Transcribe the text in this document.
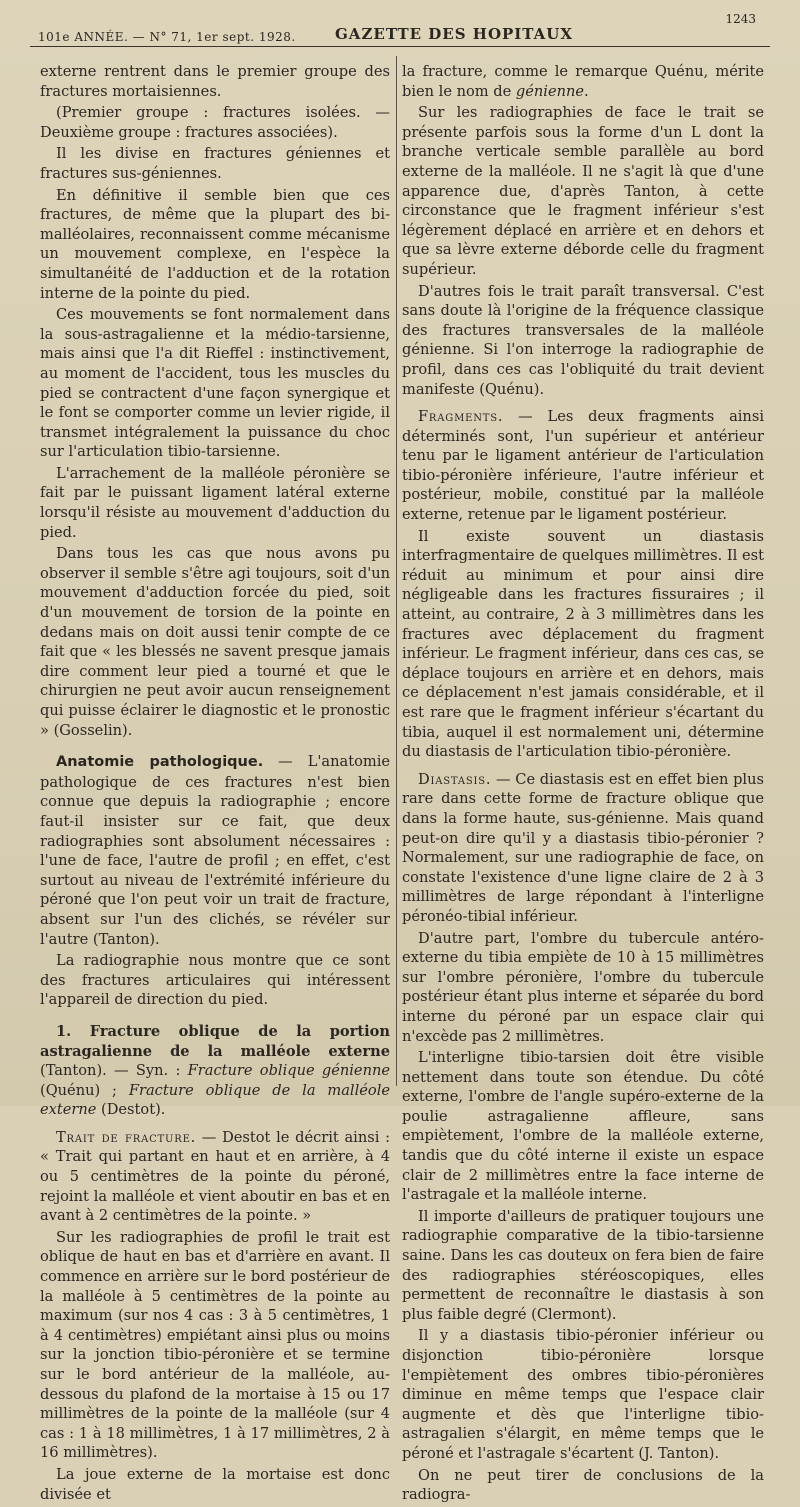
101e ANNÉE. — N° 71, 1er sept. 1928.	GAZETTE DES HOPITAUX
1243

externe rentrent dans le premier groupe des fractures mortaisiennes.

(Premier groupe : fractures isolées. — Deuxième groupe : fractures associées).

Il les divise en fractures géniennes et fractures sus-géniennes.

En définitive il semble bien que ces fractures, de même que la plupart des bi-malléolaires, reconnaissent comme mécanisme un mouvement complexe, en l'espèce la simultanéité de l'adduction et de la rotation interne de la pointe du pied.

Ces mouvements se font normalement dans la sous-astragalienne et la médio-tarsienne, mais ainsi que l'a dit Rieffel : instinctivement, au moment de l'accident, tous les muscles du pied se contractent d'une façon synergique et le font se comporter comme un levier rigide, il transmet intégralement la puissance du choc sur l'articulation tibio-tarsienne.

L'arrachement de la malléole péronière se fait par le puissant ligament latéral externe lorsqu'il résiste au mouvement d'adduction du pied.

Dans tous les cas que nous avons pu observer il semble s'être agi toujours, soit d'un mouvement d'adduction forcée du pied, soit d'un mouvement de torsion de la pointe en dedans mais on doit aussi tenir compte de ce fait que « les blessés ne savent presque jamais dire comment leur pied a tourné et que le chirurgien ne peut avoir aucun renseignement qui puisse éclairer le diagnostic et le pronostic » (Gosselin).

Anatomie pathologique. — L'anatomie pathologique de ces fractures n'est bien connue que depuis la radiographie ; encore faut-il insister sur ce fait, que deux radiographies sont absolument nécessaires : l'une de face, l'autre de profil ; en effet, c'est surtout au niveau de l'extrémité inférieure du péroné que l'on peut voir un trait de fracture, absent sur l'un des clichés, se révéler sur l'autre (Tanton).

La radiographie nous montre que ce sont des fractures articulaires qui intéressent l'appareil de direction du pied.

1. Fracture oblique de la portion astragalienne de la malléole externe (Tanton). — Syn. : Fracture oblique génienne (Quénu) ; Fracture oblique de la malléole externe (Destot).

Trait de fracture. — Destot le décrit ainsi : « Trait qui partant en haut et en arrière, à 4 ou 5 centimètres de la pointe du péroné, rejoint la malléole et vient aboutir en bas et en avant à 2 centimètres de la pointe. »

Sur les radiographies de profil le trait est oblique de haut en bas et d'arrière en avant. Il commence en arrière sur le bord postérieur de la malléole à 5 centimètres de la pointe au maximum (sur nos 4 cas : 3 à 5 centimètres, 1 à 4 centimètres) empiétant ainsi plus ou moins sur la jonction tibio-péronière et se termine sur le bord antérieur de la malléole, au-dessous du plafond de la mortaise à 15 ou 17 millimètres de la pointe de la malléole (sur 4 cas : 1 à 18 millimètres, 1 à 17 millimètres, 2 à 16 millimètres).

La joue externe de la mortaise est donc divisée et

la fracture, comme le remarque Quénu, mérite bien le nom de génienne.

Sur les radiographies de face le trait se présente parfois sous la forme d'un L dont la branche verticale semble parallèle au bord externe de la malléole. Il ne s'agit là que d'une apparence due, d'après Tanton, à cette circonstance que le fragment inférieur s'est légèrement déplacé en arrière et en dehors et que sa lèvre externe déborde celle du fragment supérieur.

D'autres fois le trait paraît transversal. C'est sans doute là l'origine de la fréquence classique des fractures transversales de la malléole génienne. Si l'on interroge la radiographie de profil, dans ces cas l'obliquité du trait devient manifeste (Quénu).

Fragments. — Les deux fragments ainsi déterminés sont, l'un supérieur et antérieur tenu par le ligament antérieur de l'articulation tibio-péronière inférieure, l'autre inférieur et postérieur, mobile, constitué par la malléole externe, retenue par le ligament postérieur.

Il existe souvent un diastasis interfragmentaire de quelques millimètres. Il est réduit au minimum et pour ainsi dire négligeable dans les fractures fissuraires ; il atteint, au contraire, 2 à 3 millimètres dans les fractures avec déplacement du fragment inférieur. Le fragment inférieur, dans ces cas, se déplace toujours en arrière et en dehors, mais ce déplacement n'est jamais considérable, et il est rare que le fragment inférieur s'écartant du tibia, auquel il est normalement uni, détermine du diastasis de l'articulation tibio-péronière.

Diastasis. — Ce diastasis est en effet bien plus rare dans cette forme de fracture oblique que dans la forme haute, sus-génienne. Mais quand peut-on dire qu'il y a diastasis tibio-péronier ? Normalement, sur une radiographie de face, on constate l'existence d'une ligne claire de 2 à 3 millimètres de large répondant à l'interligne péronéo-tibial inférieur.

D'autre part, l'ombre du tubercule antéro-externe du tibia empiète de 10 à 15 millimètres sur l'ombre péronière, l'ombre du tubercule postérieur étant plus interne et séparée du bord interne du péroné par un espace clair qui n'excède pas 2 millimètres.

L'interligne tibio-tarsien doit être visible nettement dans toute son étendue. Du côté externe, l'ombre de l'angle supéro-externe de la poulie astragalienne affleure, sans empiètement, l'ombre de la malléole externe, tandis que du côté interne il existe un espace clair de 2 millimètres entre la face interne de l'astragale et la malléole interne.

Il importe d'ailleurs de pratiquer toujours une radiographie comparative de la tibio-tarsienne saine. Dans les cas douteux on fera bien de faire des radiographies stéréoscopiques, elles permettent de reconnaître le diastasis à son plus faible degré (Clermont).

Il y a diastasis tibio-péronier inférieur ou disjonction tibio-péronière lorsque l'empiètement des ombres tibio-péronières diminue en même temps que l'espace clair augmente et dès que l'interligne tibio-astragalien s'élargit, en même temps que le péroné et l'astragale s'écartent (J. Tanton).

On ne peut tirer de conclusions de la radiogra-
